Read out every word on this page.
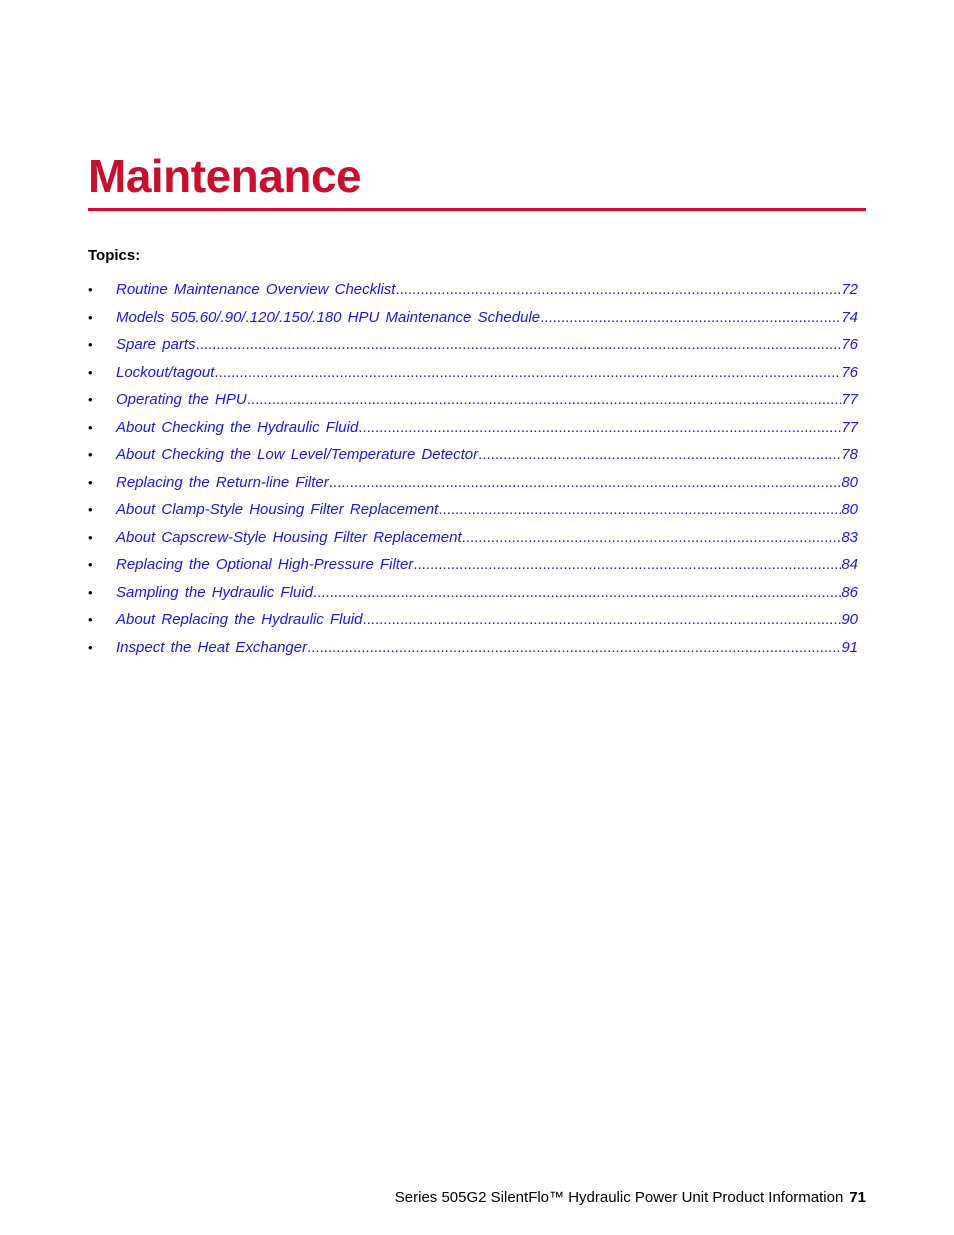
Maintenance
Topics:
•	Routine Maintenance Overview Checklist .....	72
•	Models 505.60/.90/.120/.150/.180 HPU Maintenance Schedule .....	74
•	Spare parts .....	76
•	Lockout/tagout .....	76
•	Operating the HPU .....	77
•	About Checking the Hydraulic Fluid .....	77
•	About Checking the Low Level/Temperature Detector .....	78
•	Replacing the Return-line Filter .....	80
•	About Clamp-Style Housing Filter Replacement .....	80
•	About Capscrew-Style Housing Filter Replacement .....	83
•	Replacing the Optional High-Pressure Filter .....	84
•	Sampling the Hydraulic Fluid .....	86
•	About Replacing the Hydraulic Fluid .....	90
•	Inspect the Heat Exchanger .....	91
Series 505G2 SilentFlo™ Hydraulic Power Unit Product Information 71
